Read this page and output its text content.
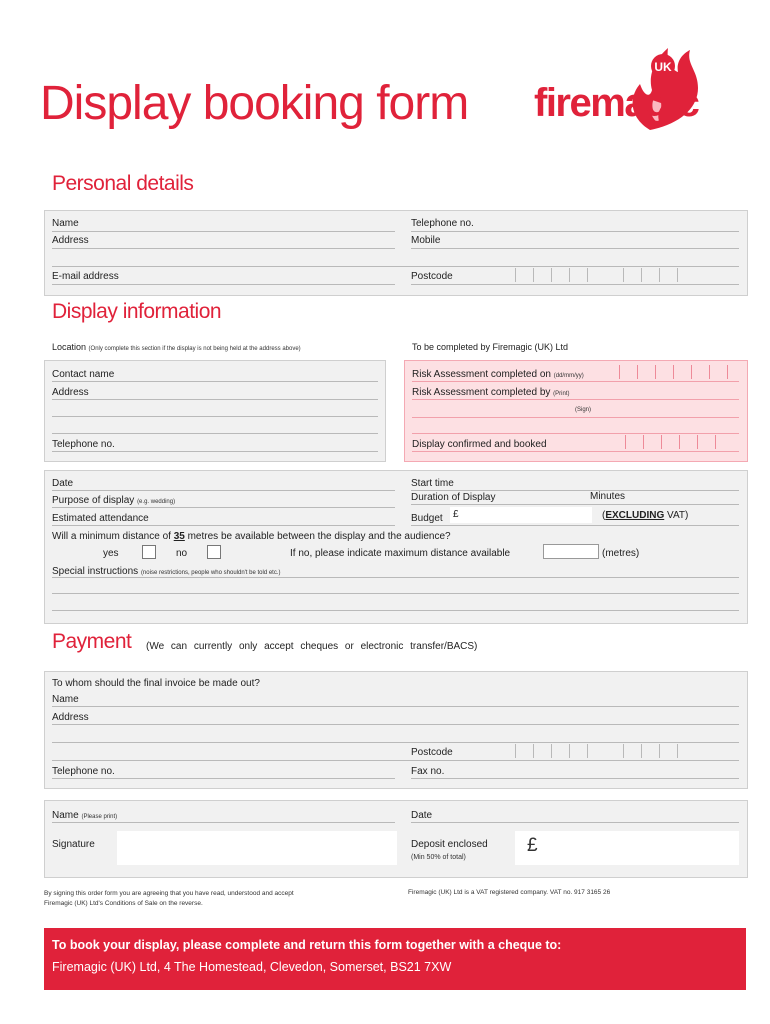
Display booking form
UK
firemagic
Personal details
Name	Telephone no.
Address	Mobile
E-mail address	Postcode
Display information
Location (Only complete this section if the display is not being held at the address above)	To be completed by Firemagic (UK) Ltd
Contact name
Address
Telephone no.
Risk Assessment completed on (dd/mm/yy)
Risk Assessment completed by (Print)
(Sign)
Display confirmed and booked
Date	Start time
Purpose of display (e.g. wedding)	Duration of Display	Minutes
Estimated attendance	Budget £	(EXCLUDING VAT)
Will a minimum distance of 35 metres be available between the display and the audience?
yes	no	If no, please indicate maximum distance available	(metres)
Special instructions (noise restrictions, people who shouldn't be told etc.)
Payment (We can currently only accept cheques or electronic transfer/BACS)
To whom should the final invoice be made out?
Name
Address
Postcode
Telephone no.	Fax no.
Name (Please print)	Date
Signature	Deposit enclosed
(Min 50% of total)
£
By signing this order form you are agreeing that you have read, understood and accept
Firemagic (UK) Ltd's Conditions of Sale on the reverse.
Firemagic (UK) Ltd is a VAT registered company. VAT no. 917 3165 26
To book your display, please complete and return this form together with a cheque to:
Firemagic (UK) Ltd, 4 The Homestead, Clevedon, Somerset, BS21 7XW
